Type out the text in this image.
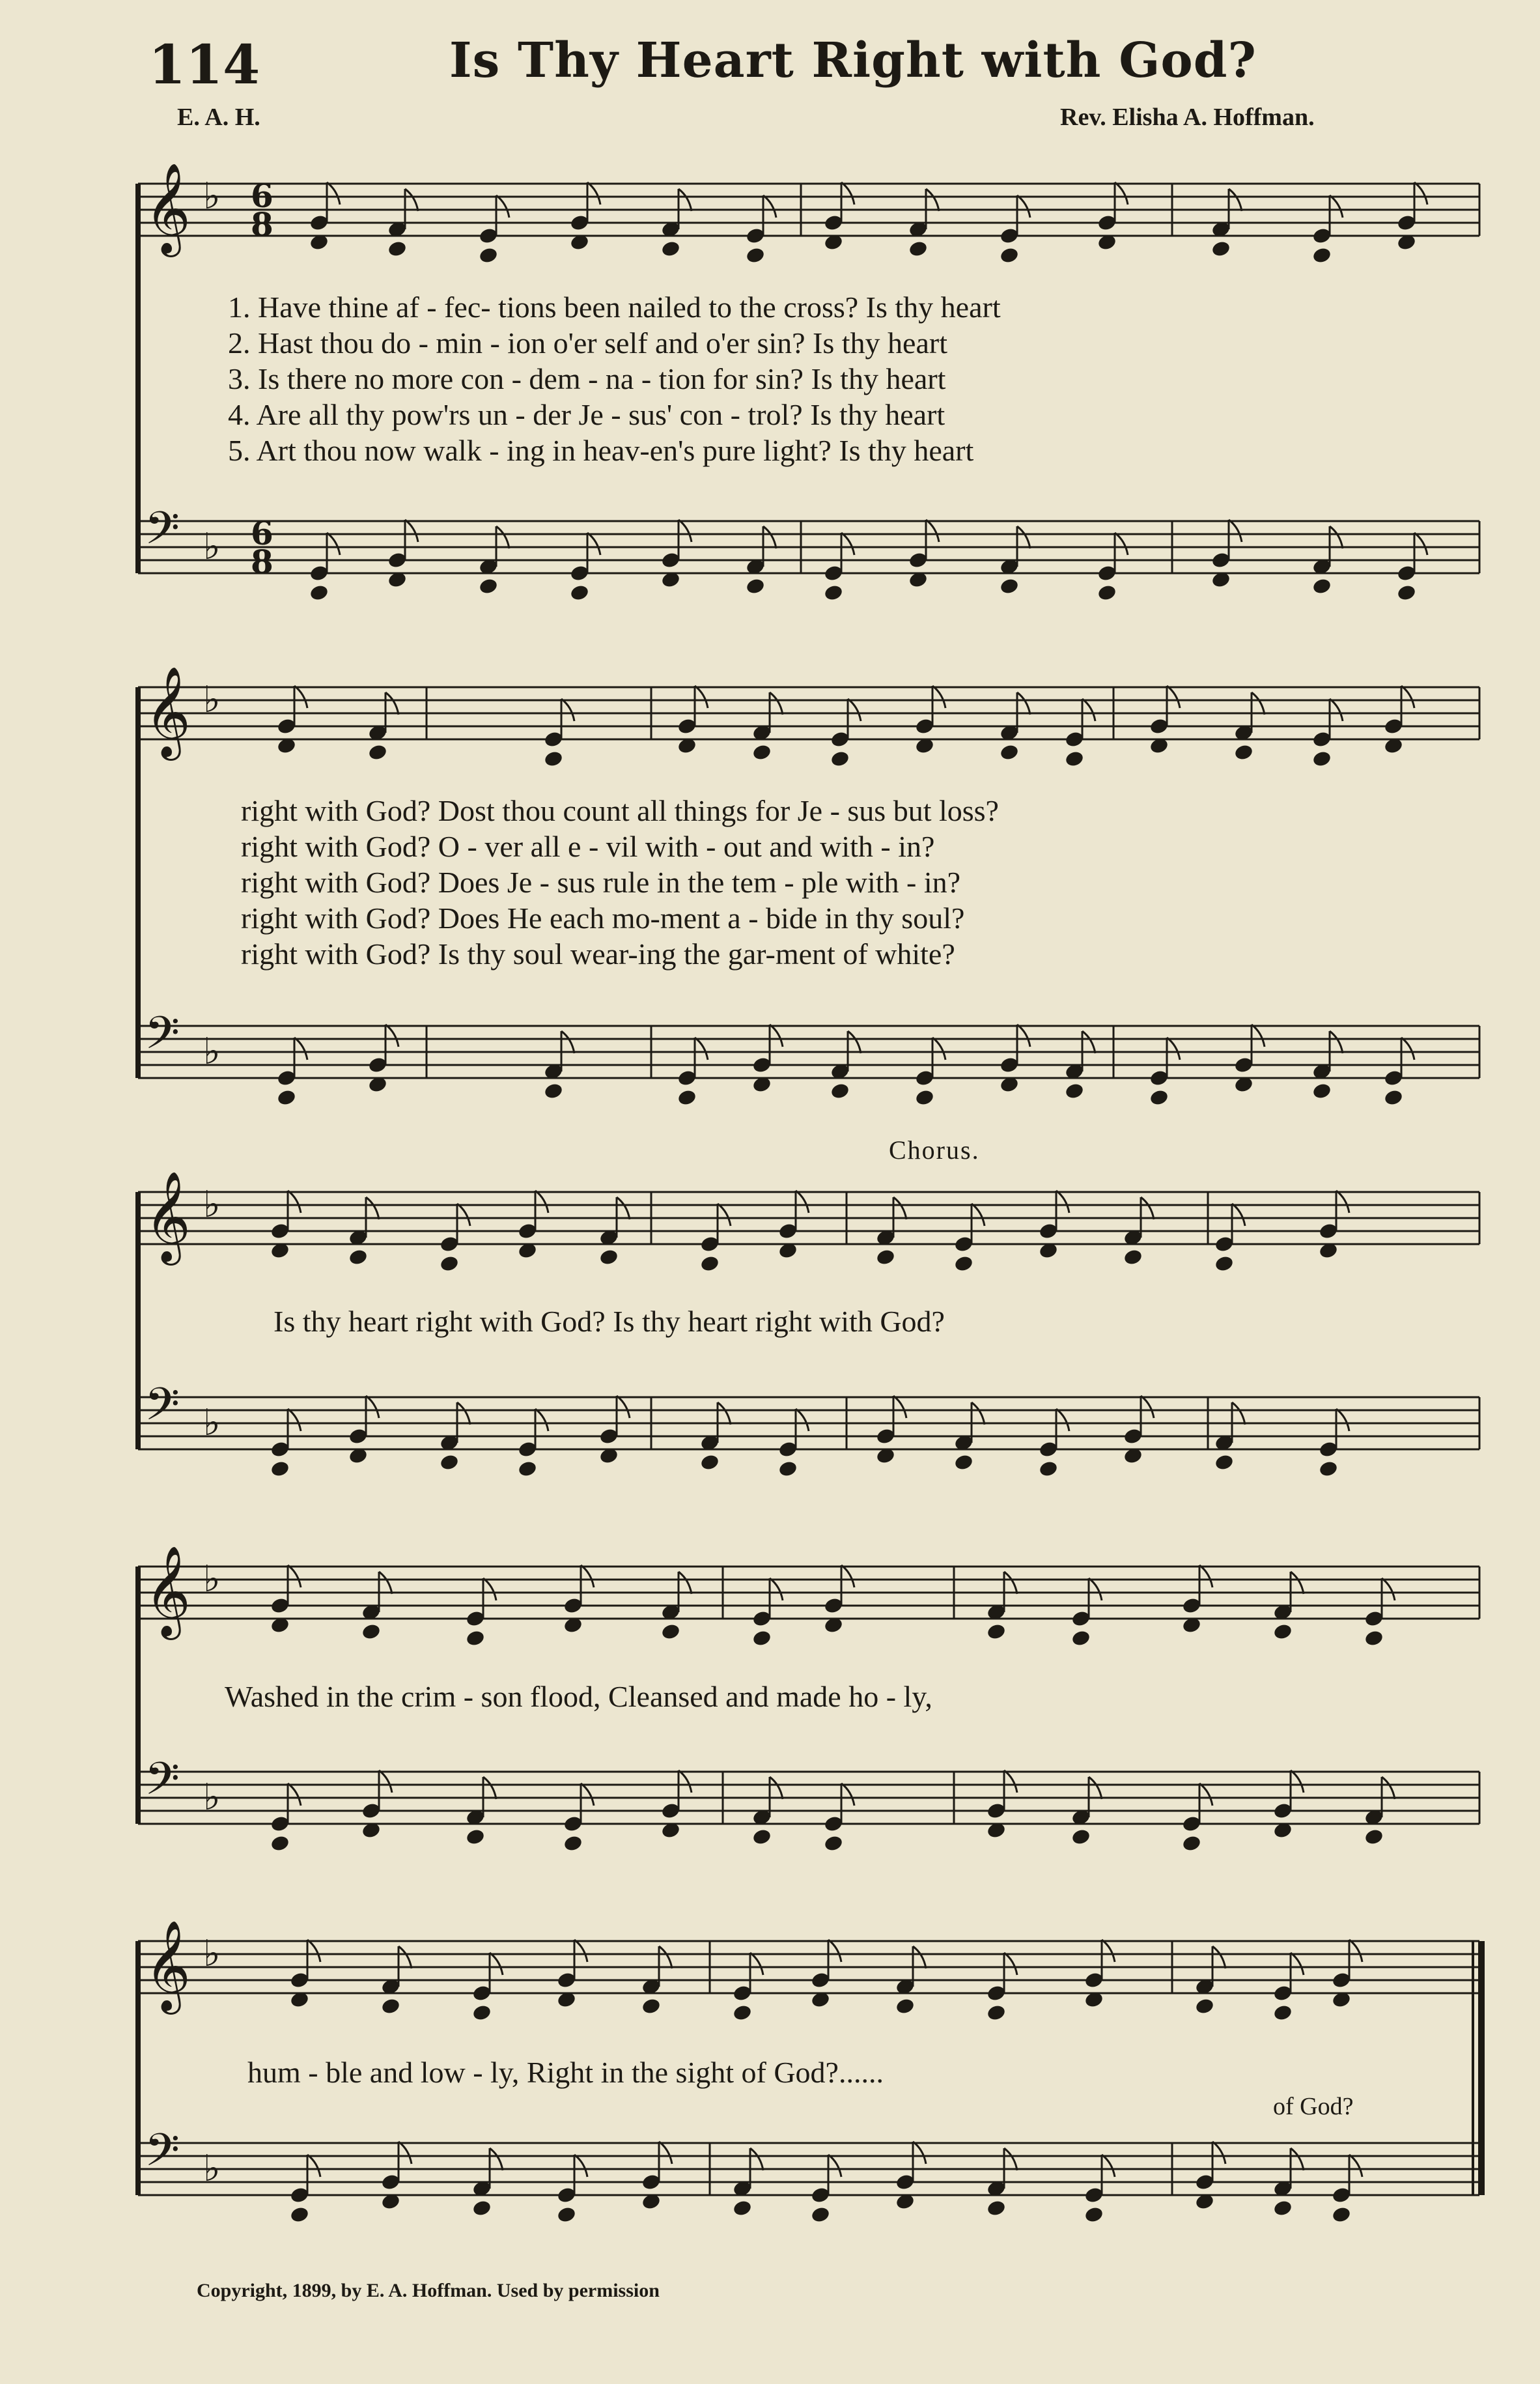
114	Is Thy Heart Right with God?
E. A. H.	Rev. Elisha A. Hoffman.
𝄞 ♭
𝄢 ♭
𝄞 ♭
𝄢 ♭
𝄞 ♭
𝄢 ♭
𝄞 ♭
𝄢 ♭
𝄞 ♭
𝄢 ♭
6
8
6
8
1. Have thine af - fec- tions been nailed to the cross? Is thy heart
2. Hast thou do - min - ion o'er self and o'er sin? Is thy heart
3. Is there no more con - dem - na - tion for sin? Is thy heart
4. Are all thy pow'rs un - der Je - sus' con - trol? Is thy heart
5. Art thou now walk - ing in heav-en's pure light? Is thy heart
right with God? Dost thou count all things for Je - sus but loss?
right with God? O - ver all e - vil with - out and with - in?
right with God? Does Je - sus rule in the tem - ple with - in?
right with God? Does He each mo-ment a - bide in thy soul?
right with God? Is thy soul wear-ing the gar-ment of white?
Chorus.
Is thy heart right with God? Is thy heart right with God?
Washed in the crim - son flood, Cleansed and made ho - ly,
hum - ble and low - ly, Right in the sight of God?......
of God?
Copyright, 1899, by E. A. Hoffman. Used by permission
